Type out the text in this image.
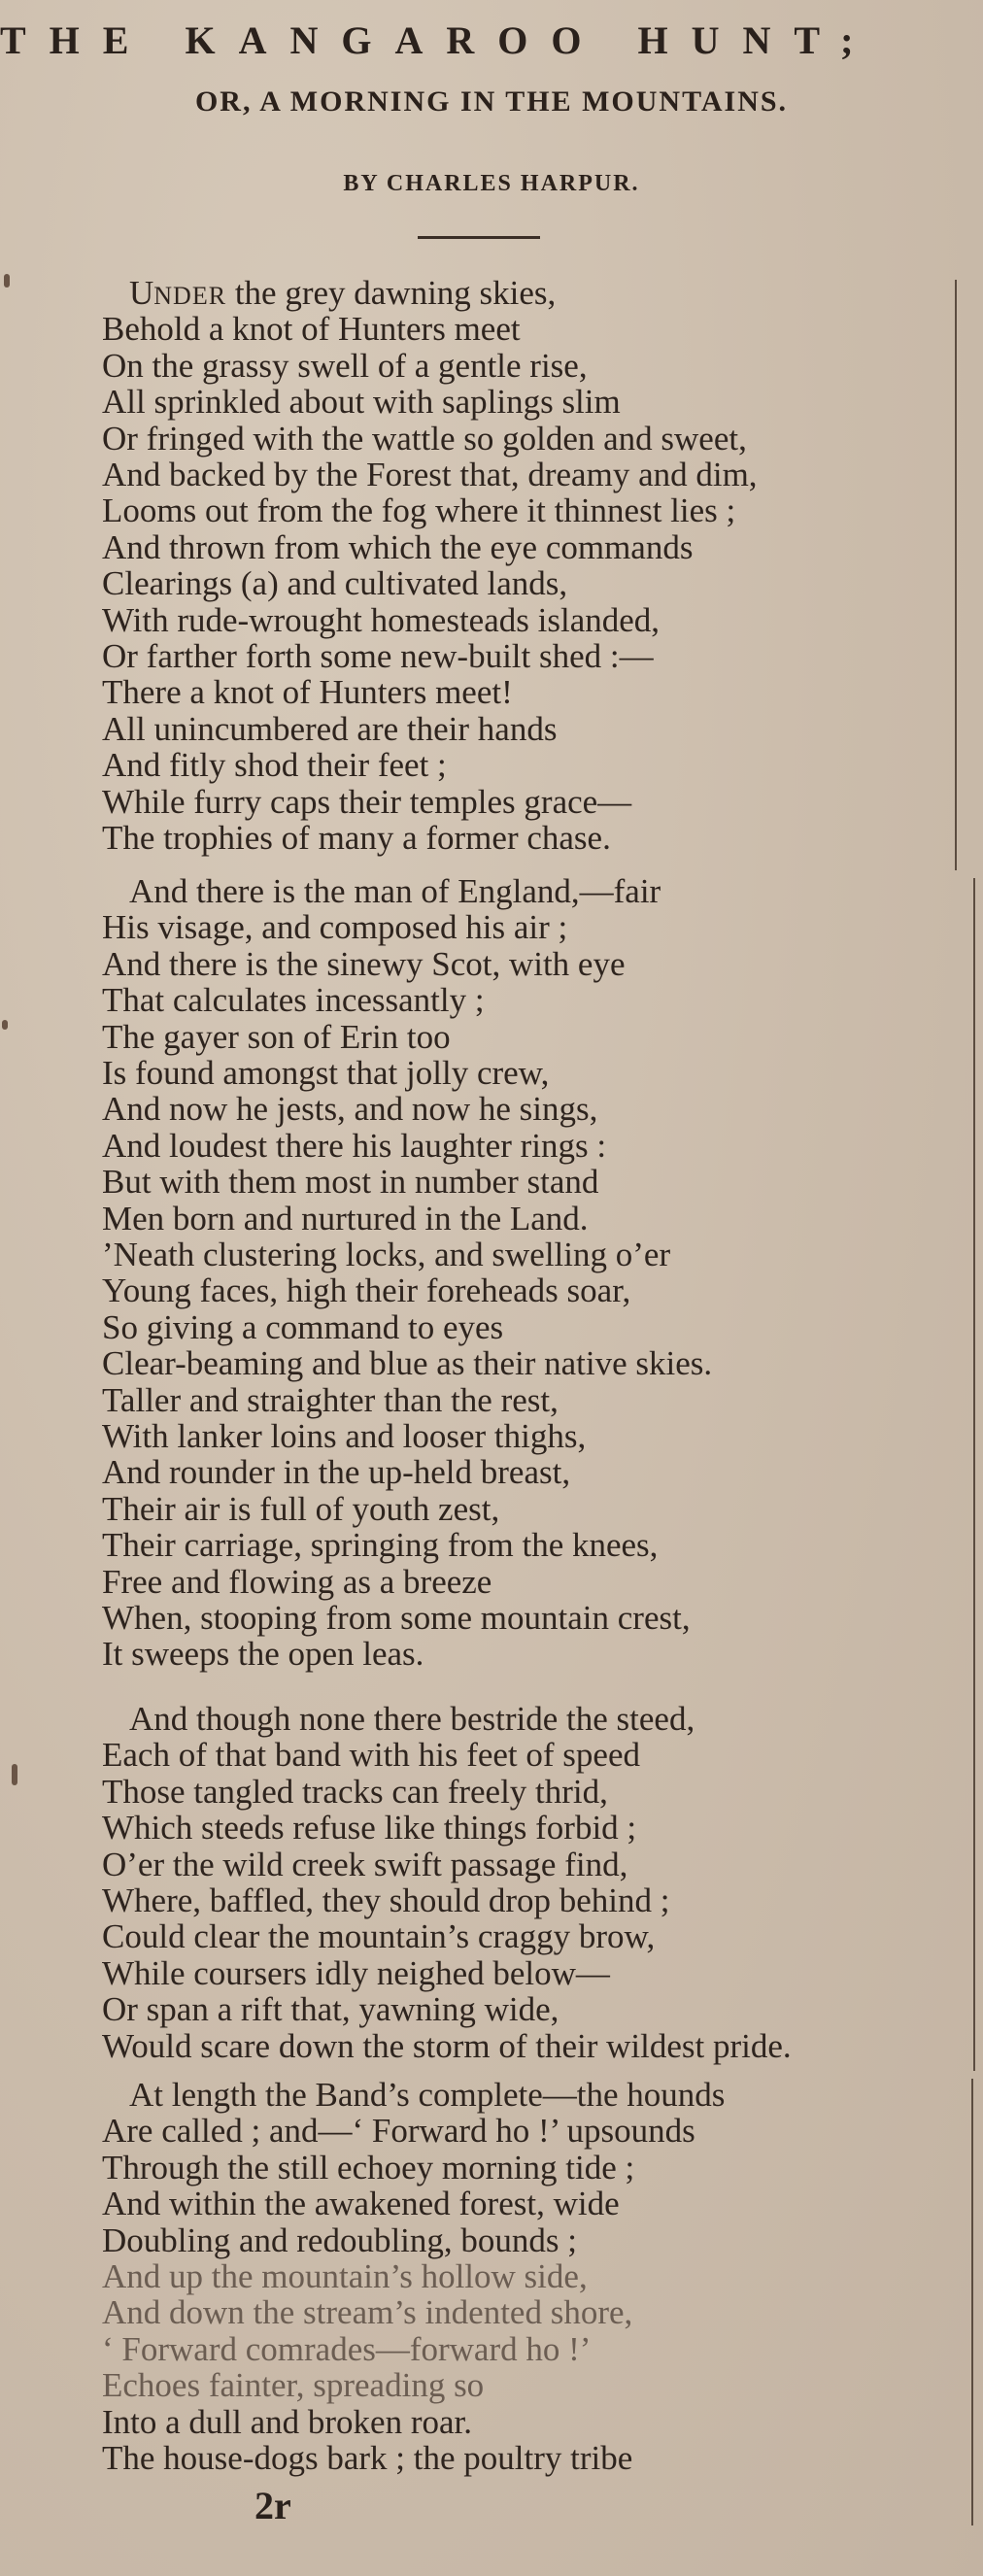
THE KANGAROO HUNT;
OR, A MORNING IN THE MOUNTAINS.
BY CHARLES HARPUR.
UNDER the grey dawning skies,
Behold a knot of Hunters meet
On the grassy swell of a gentle rise,
All sprinkled about with saplings slim
Or fringed with the wattle so golden and sweet,
And backed by the Forest that, dreamy and dim,
Looms out from the fog where it thinnest lies ;
And thrown from which the eye commands
Clearings (a) and cultivated lands,
With rude-wrought homesteads islanded,
Or farther forth some new-built shed :—
There a knot of Hunters meet!
All unincumbered are their hands
And fitly shod their feet ;
While furry caps their temples grace—
The trophies of many a former chase.
And there is the man of England,—fair
His visage, and composed his air ;
And there is the sinewy Scot, with eye
That calculates incessantly ;
The gayer son of Erin too
Is found amongst that jolly crew,
And now he jests, and now he sings,
And loudest there his laughter rings :
But with them most in number stand
Men born and nurtured in the Land.
’Neath clustering locks, and swelling o’er
Young faces, high their foreheads soar,
So giving a command to eyes
Clear-beaming and blue as their native skies.
Taller and straighter than the rest,
With lanker loins and looser thighs,
And rounder in the up-held breast,
Their air is full of youth zest,
Their carriage, springing from the knees,
Free and flowing as a breeze
When, stooping from some mountain crest,
It sweeps the open leas.
And though none there bestride the steed,
Each of that band with his feet of speed
Those tangled tracks can freely thrid,
Which steeds refuse like things forbid ;
O’er the wild creek swift passage find,
Where, baffled, they should drop behind ;
Could clear the mountain’s craggy brow,
While coursers idly neighed below—
Or span a rift that, yawning wide,
Would scare down the storm of their wildest pride.
At length the Band’s complete—the hounds
Are called ; and—‘ Forward ho !’ upsounds
Through the still echoey morning tide ;
And within the awakened forest, wide
Doubling and redoubling, bounds ;
And up the mountain’s hollow side,
And down the stream’s indented shore,
‘ Forward comrades—forward ho !’
Echoes fainter, spreading so
Into a dull and broken roar.
The house-dogs bark ; the poultry tribe
2r
